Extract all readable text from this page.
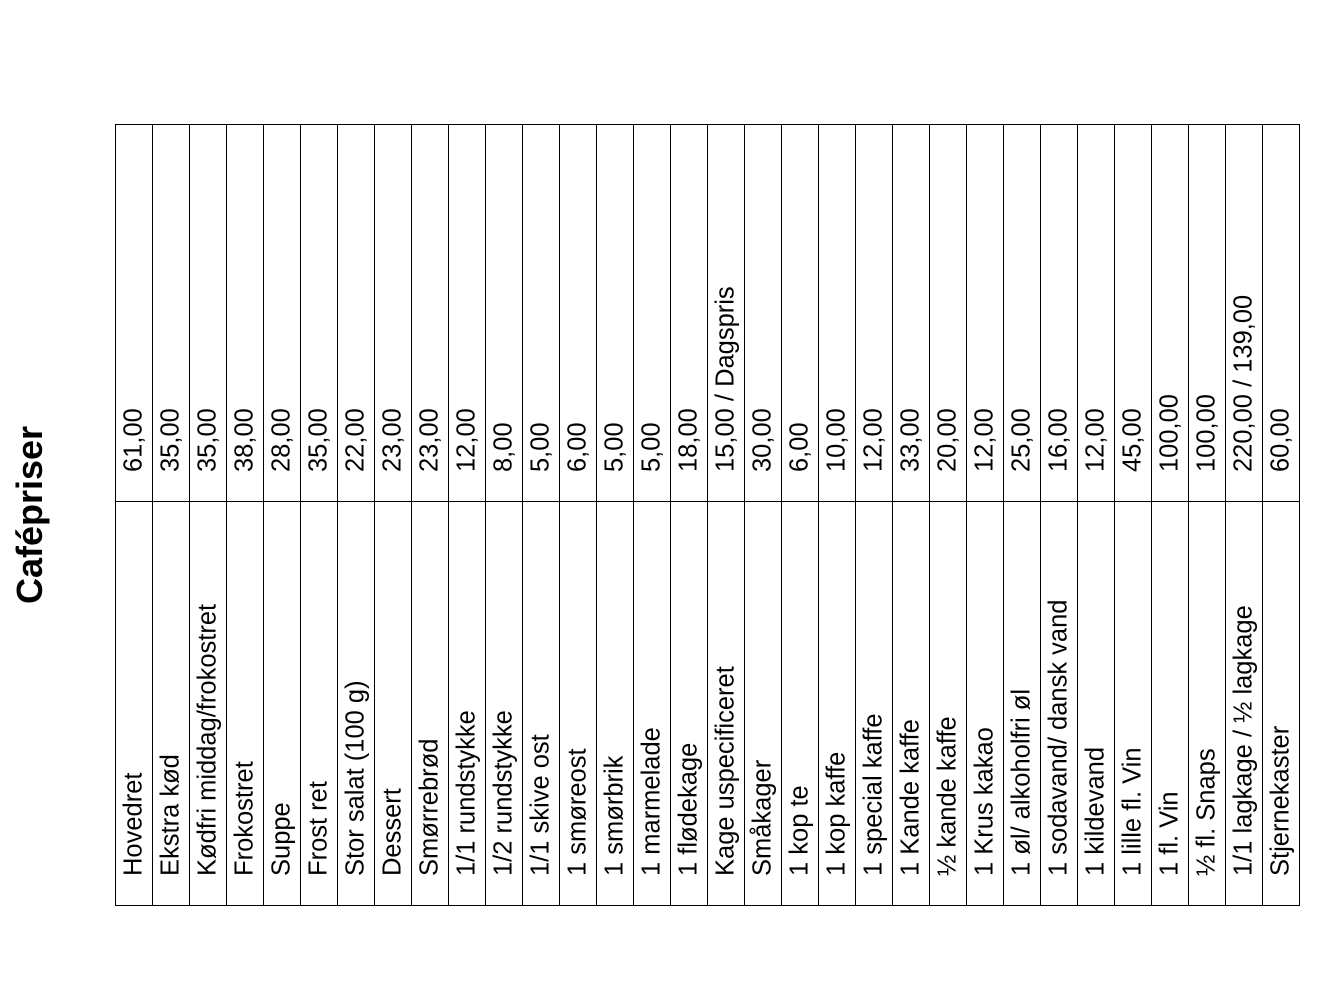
Cafépriser
Hovedret
61,00
Ekstra kød
35,00
Kødfri middag/frokostret
35,00
Frokostret
38,00
Suppe
28,00
Frost ret
35,00
Stor salat (100 g)
22,00
Dessert
23,00
Smørrebrød
23,00
1/1 rundstykke
12,00
1/2 rundstykke
8,00
1/1 skive ost
5,00
1 smøreost
6,00
1 smørbrik
5,00
1 marmelade
5,00
1 flødekage
18,00
Kage uspecificeret
15,00 / Dagspris
Småkager
30,00
1 kop te
6,00
1 kop kaffe
10,00
1 special kaffe
12,00
1 Kande kaffe
33,00
½ kande kaffe
20,00
1 Krus kakao
12,00
1 øl/ alkoholfri øl
25,00
1 sodavand/ dansk vand
16,00
1 kildevand
12,00
1 lille fl. Vin
45,00
1 fl. Vin
100,00
½ fl. Snaps
100,00
1/1 lagkage / ½ lagkage
220,00 / 139,00
Stjernekaster
60,00
